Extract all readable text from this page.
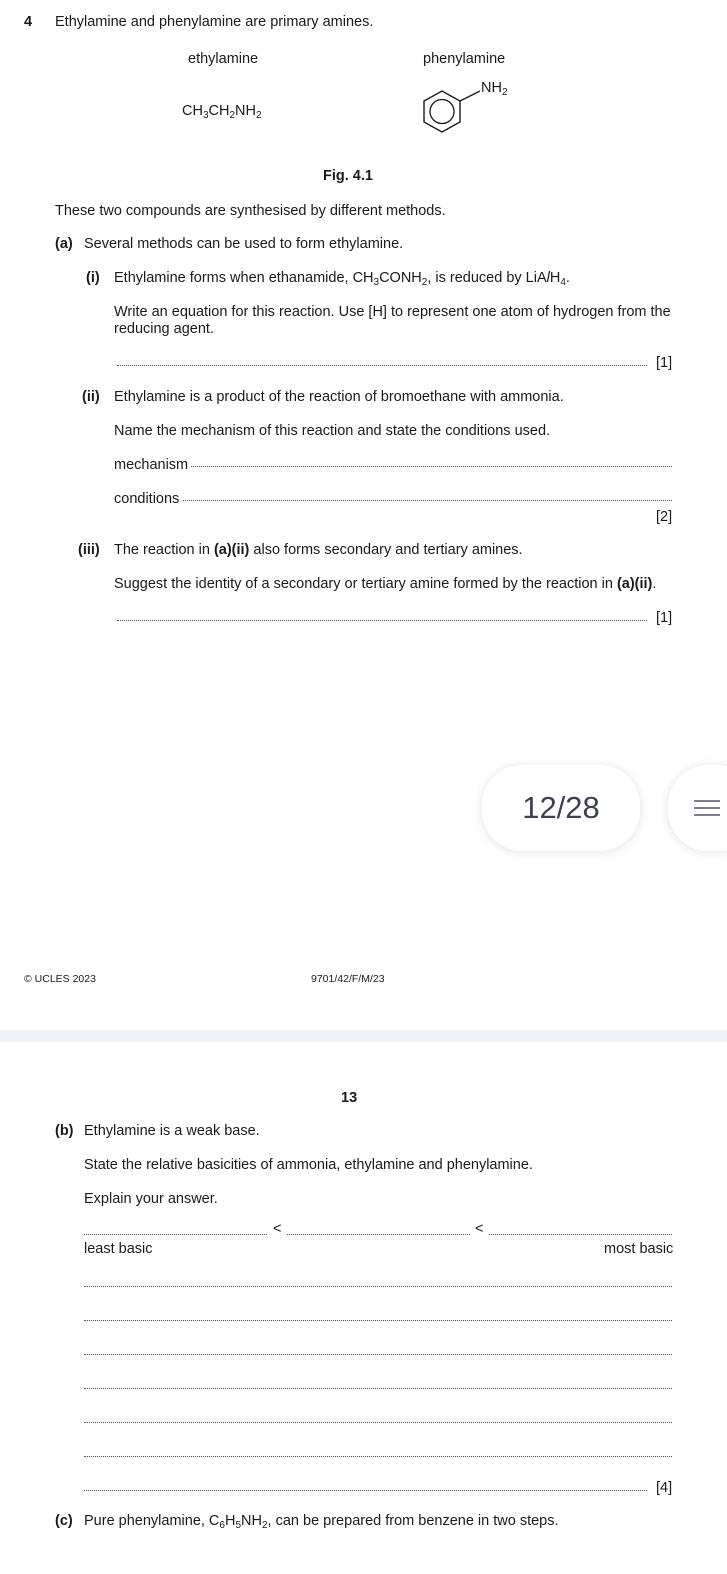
4 Ethylamine and phenylamine are primary amines.
ethylamine	phenylamine
$CH_3CH_2NH_2$
$NH_2$
Fig. 4.1
These two compounds are synthesised by different methods.
(a) Several methods can be used to form ethylamine.
(i) Ethylamine forms when ethanamide, $CH_3CONH_2$, is reduced by LiAlH$_4$.
Write an equation for this reaction. Use [H] to represent one atom of hydrogen from the
reducing agent.
[1]
(ii) Ethylamine is a product of the reaction of bromoethane with ammonia.
Name the mechanism of this reaction and state the conditions used.
mechanism
conditions
[2]
(iii) The reaction in (a)(ii) also forms secondary and tertiary amines.
Suggest the identity of a secondary or tertiary amine formed by the reaction in (a)(ii).
[1]
12/28
© UCLES 2023	9701/42/F/M/23
13
(b) Ethylamine is a weak base.
State the relative basicities of ammonia, ethylamine and phenylamine.
Explain your answer.
<	<
least basic	most basic
[4]
(c) Pure phenylamine, $C_6H_5NH_2$, can be prepared from benzene in two steps.
